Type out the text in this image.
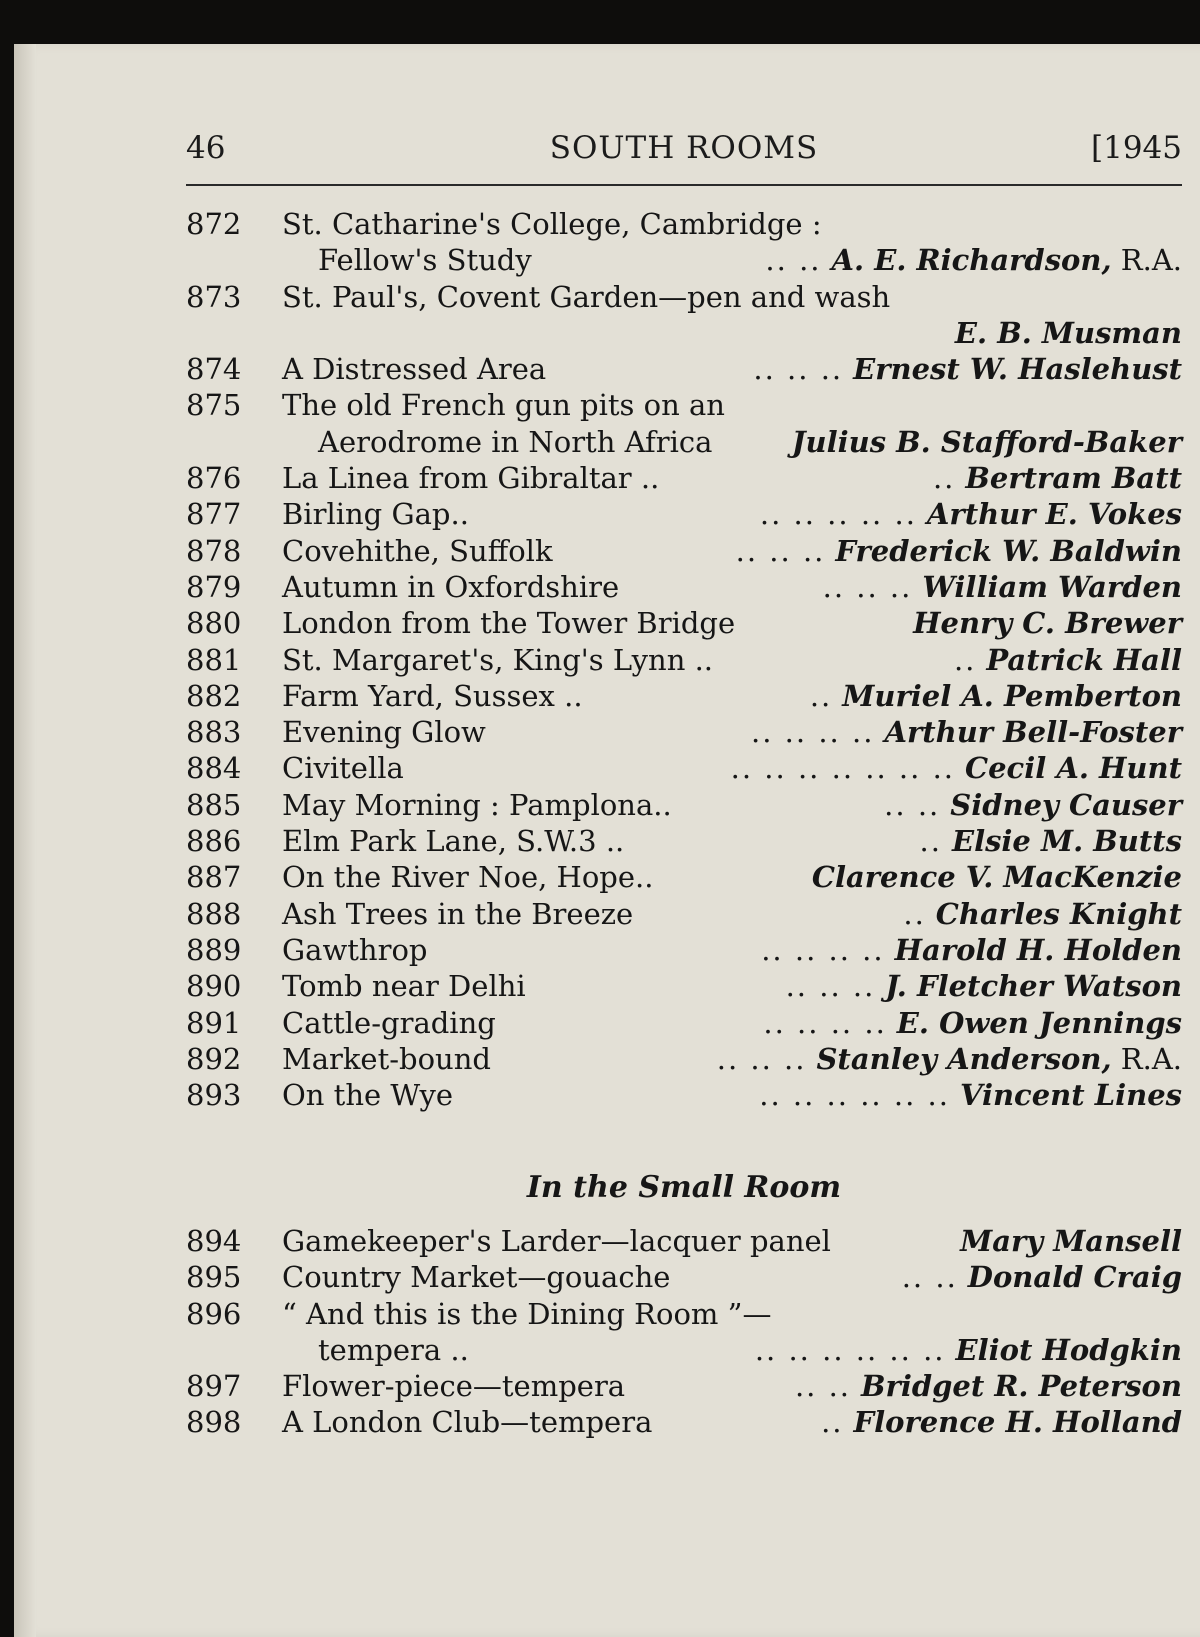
46	SOUTH ROOMS	[1945
872 St. Catharine's College, Cambridge :
Fellow's Study	.. .. A. E. Richardson, R.A.
873 St. Paul's, Covent Garden—pen and wash
E. B. Musman
874 A Distressed Area	.. .. .. Ernest W. Haslehust
875 The old French gun pits on an
Aerodrome in North Africa	Julius B. Stafford-Baker
876 La Linea from Gibraltar ..	.. Bertram Batt
877 Birling Gap..	.. .. .. .. .. Arthur E. Vokes
878 Covehithe, Suffolk	.. .. .. Frederick W. Baldwin
879 Autumn in Oxfordshire	.. .. .. William Warden
880 London from the Tower Bridge	Henry C. Brewer
881 St. Margaret's, King's Lynn ..	.. Patrick Hall
882 Farm Yard, Sussex ..	.. Muriel A. Pemberton
883 Evening Glow	.. .. .. .. Arthur Bell-Foster
884 Civitella	.. .. .. .. .. .. .. Cecil A. Hunt
885 May Morning : Pamplona..	.. .. Sidney Causer
886 Elm Park Lane, S.W.3 ..	.. Elsie M. Butts
887 On the River Noe, Hope..	Clarence V. MacKenzie
888 Ash Trees in the Breeze	.. Charles Knight
889 Gawthrop	.. .. .. .. Harold H. Holden
890 Tomb near Delhi	.. .. .. J. Fletcher Watson
891 Cattle-grading	.. .. .. .. E. Owen Jennings
892 Market-bound	.. .. .. Stanley Anderson, R.A.
893 On the Wye	.. .. .. .. .. .. Vincent Lines
In the Small Room
894 Gamekeeper's Larder—lacquer panel	Mary Mansell
895 Country Market—gouache	.. .. Donald Craig
896 “ And this is the Dining Room ”—
tempera ..	.. .. .. .. .. .. Eliot Hodgkin
897 Flower-piece—tempera	.. .. Bridget R. Peterson
898 A London Club—tempera	.. Florence H. Holland
